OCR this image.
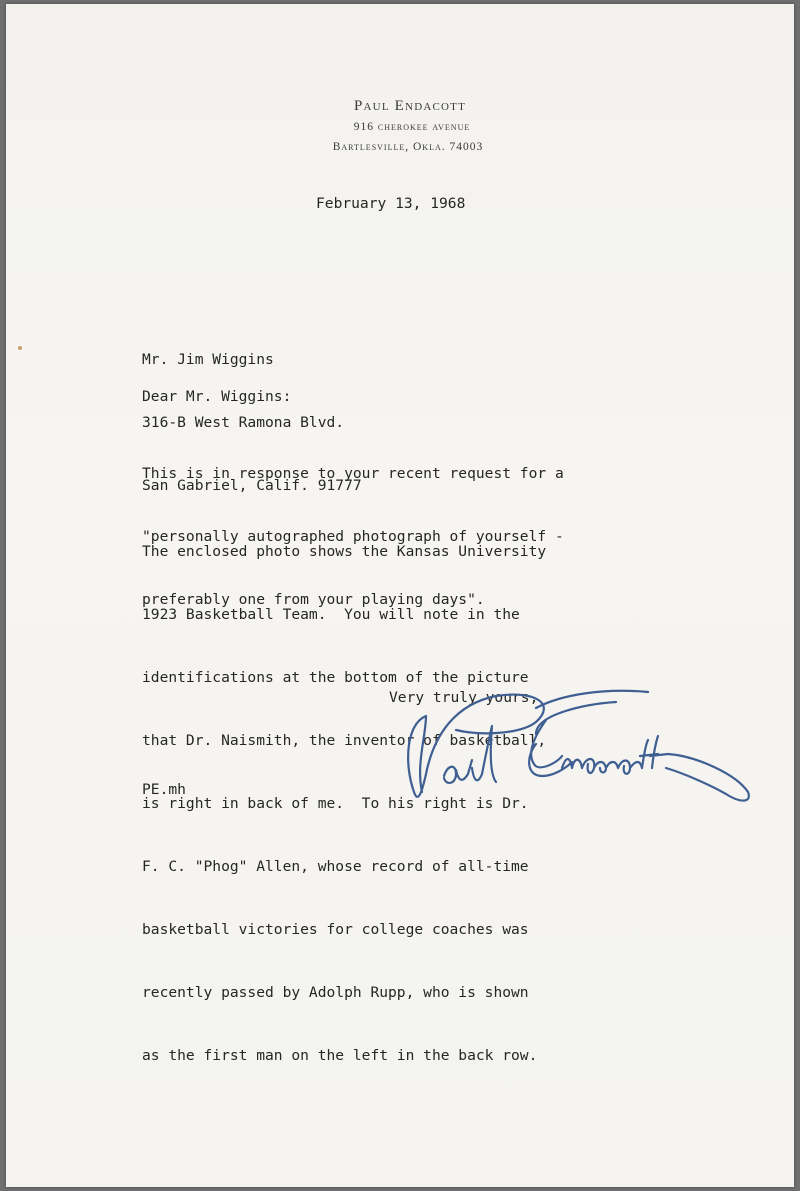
Paul Endacott

916 cherokee avenue

Bartlesville, Okla. 74003

February 13, 1968

Mr. Jim Wiggins

316-B West Ramona Blvd.

San Gabriel, Calif. 91777

Dear Mr. Wiggins:

This is in response to your recent request for a

"personally autographed photograph of yourself -

preferably one from your playing days".

The enclosed photo shows the Kansas University

1923 Basketball Team.  You will note in the

identifications at the bottom of the picture

that Dr. Naismith, the inventor of basketball,

is right in back of me.  To his right is Dr.

F. C. "Phog" Allen, whose record of all-time

basketball victories for college coaches was

recently passed by Adolph Rupp, who is shown

as the first man on the left in the back row.

Very truly yours,

PE.mh
